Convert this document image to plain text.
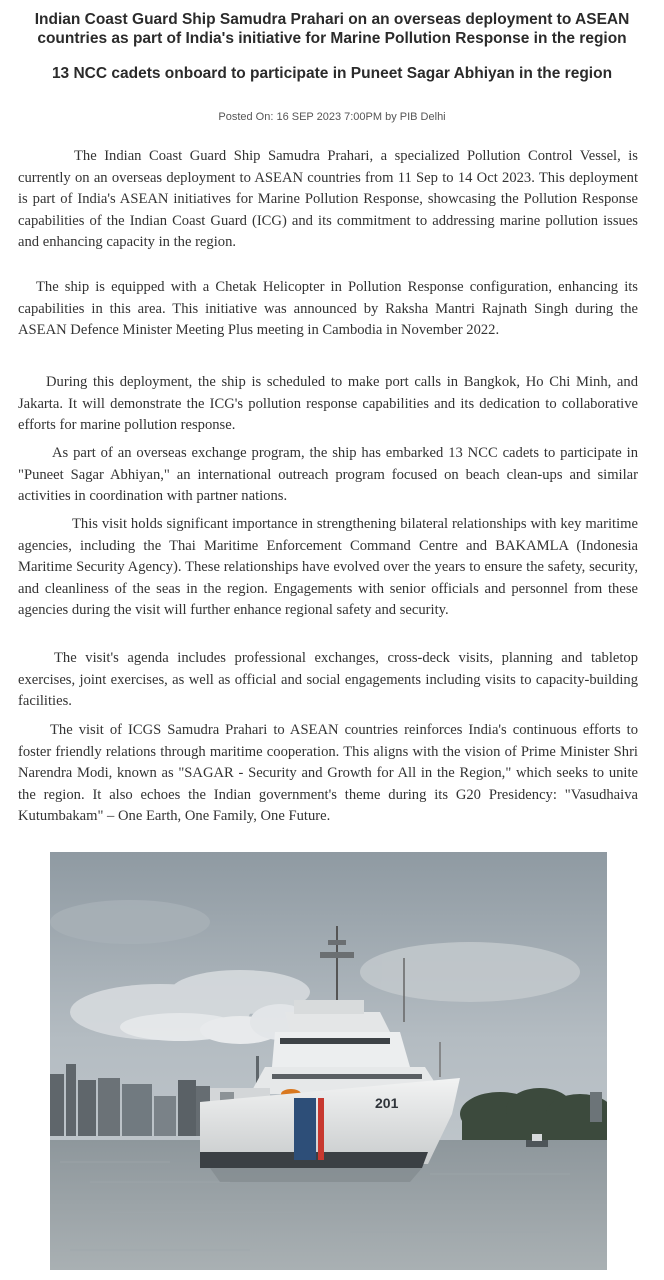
Indian Coast Guard Ship Samudra Prahari on an overseas deployment to ASEAN countries as part of India's initiative for Marine Pollution Response in the region
13 NCC cadets onboard to participate in Puneet Sagar Abhiyan in the region
Posted On: 16 SEP 2023 7:00PM by PIB Delhi

The Indian Coast Guard Ship Samudra Prahari, a specialized Pollution Control Vessel, is currently on an overseas deployment to ASEAN countries from 11 Sep to 14 Oct 2023. This deployment is part of India's ASEAN initiatives for Marine Pollution Response, showcasing the Pollution Response capabilities of the Indian Coast Guard (ICG) and its commitment to addressing marine pollution issues and enhancing capacity in the region.

The ship is equipped with a Chetak Helicopter in Pollution Response configuration, enhancing its capabilities in this area. This initiative was announced by Raksha Mantri Rajnath Singh during the ASEAN Defence Minister Meeting Plus meeting in Cambodia in November 2022.

During this deployment, the ship is scheduled to make port calls in Bangkok, Ho Chi Minh, and Jakarta. It will demonstrate the ICG's pollution response capabilities and its dedication to collaborative efforts for marine pollution response.

As part of an overseas exchange program, the ship has embarked 13 NCC cadets to participate in "Puneet Sagar Abhiyan," an international outreach program focused on beach clean-ups and similar activities in coordination with partner nations.

This visit holds significant importance in strengthening bilateral relationships with key maritime agencies, including the Thai Maritime Enforcement Command Centre and BAKAMLA (Indonesia Maritime Security Agency). These relationships have evolved over the years to ensure the safety, security, and cleanliness of the seas in the region. Engagements with senior officials and personnel from these agencies during the visit will further enhance regional safety and security.

The visit's agenda includes professional exchanges, cross-deck visits, planning and tabletop exercises, joint exercises, as well as official and social engagements including visits to capacity-building facilities.

The visit of ICGS Samudra Prahari to ASEAN countries reinforces India's continuous efforts to foster friendly relations through maritime cooperation. This aligns with the vision of Prime Minister Shri Narendra Modi, known as "SAGAR - Security and Growth for All in the Region," which seeks to unite the region. It also echoes the Indian government's theme during its G20 Presidency: "Vasudhaiva Kutumbakam" – One Earth, One Family, One Future.

201
